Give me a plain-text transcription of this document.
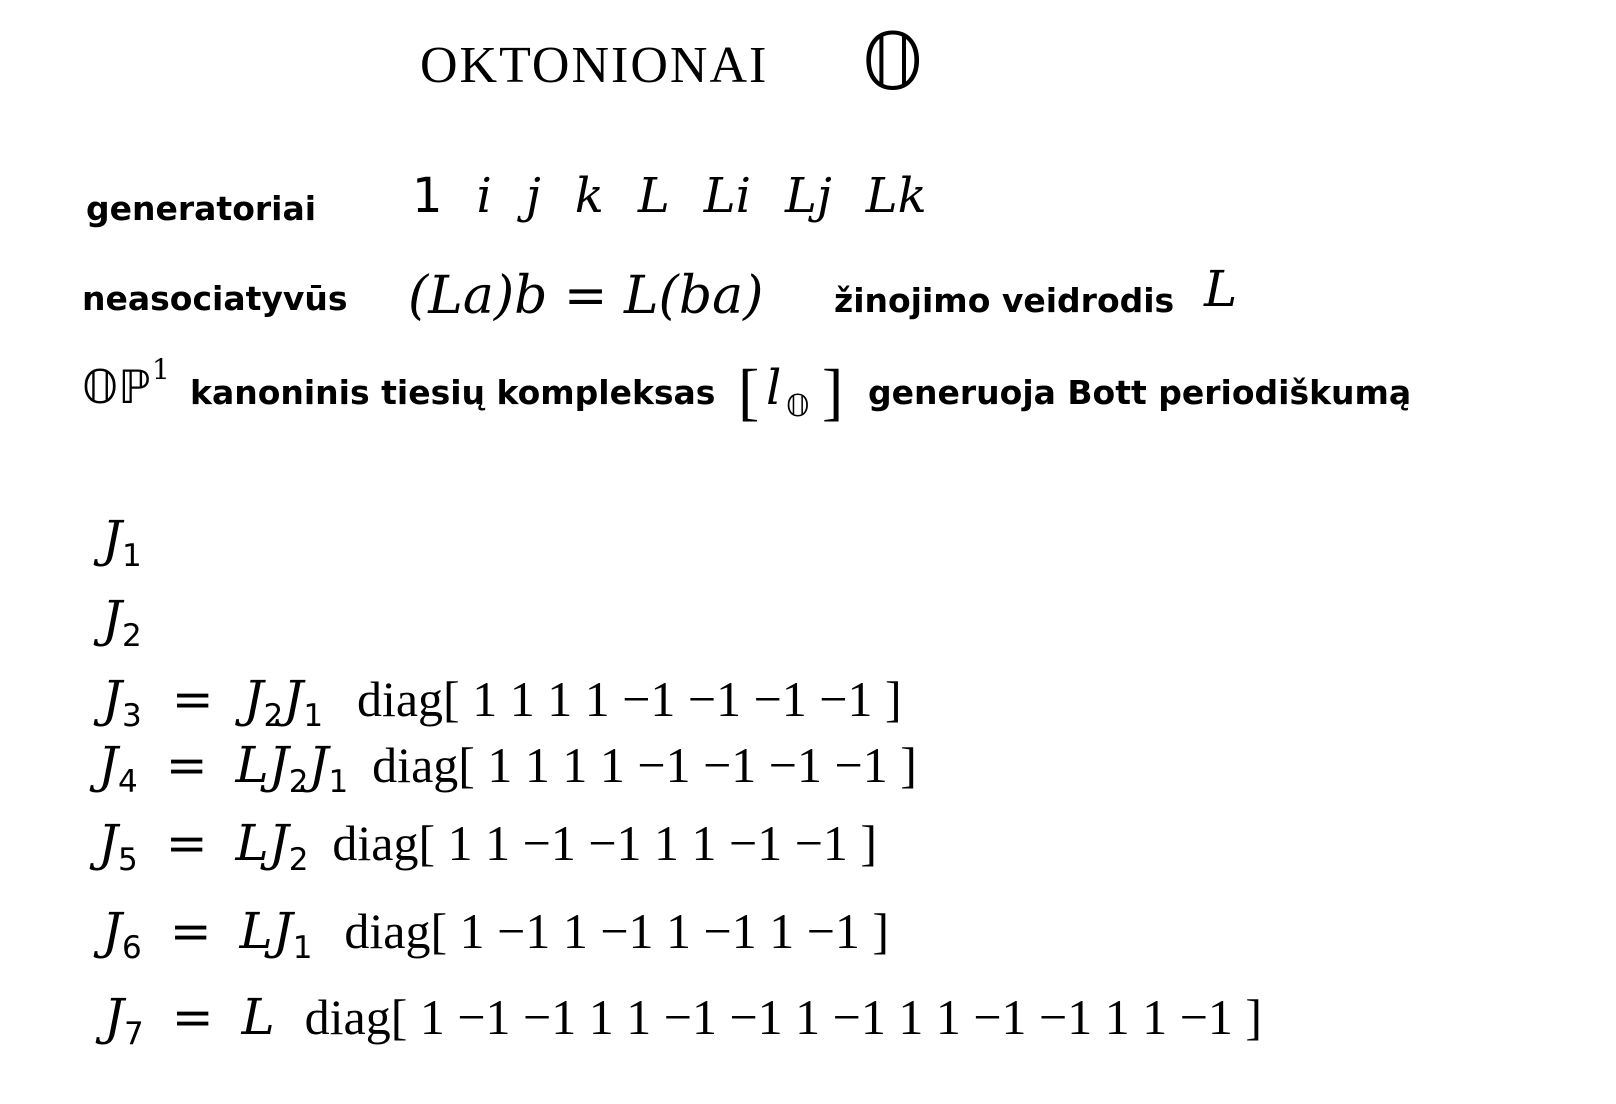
OKTONIONAI 𝕆
generatoriai 1 i j k L Li Lj Lk
neasociatyvūs (La)b = L(ba) žinojimo veidrodis L
𝕆ℙ 1
kanoninis tiesių kompleksas [ l 𝕆 ] generuoja Bott periodiškumą
$J_1$
$J_2$
$J_3 = J_2J_1$ diag[ 1 1 1 1 −1 −1 −1 −1 ]
$J_4 = LJ_2J_1$ diag[ 1 1 1 1 −1 −1 −1 −1 ]
$J_5 = LJ_2$ diag[ 1 1 −1 −1 1 1 −1 −1 ]
$J_6 = LJ_1$ diag[ 1 −1 1 −1 1 −1 1 −1 ]
$J_7 = L$ diag[ 1 −1 −1 1 1 −1 −1 1 −1 1 1 −1 −1 1 1 −1 ]
